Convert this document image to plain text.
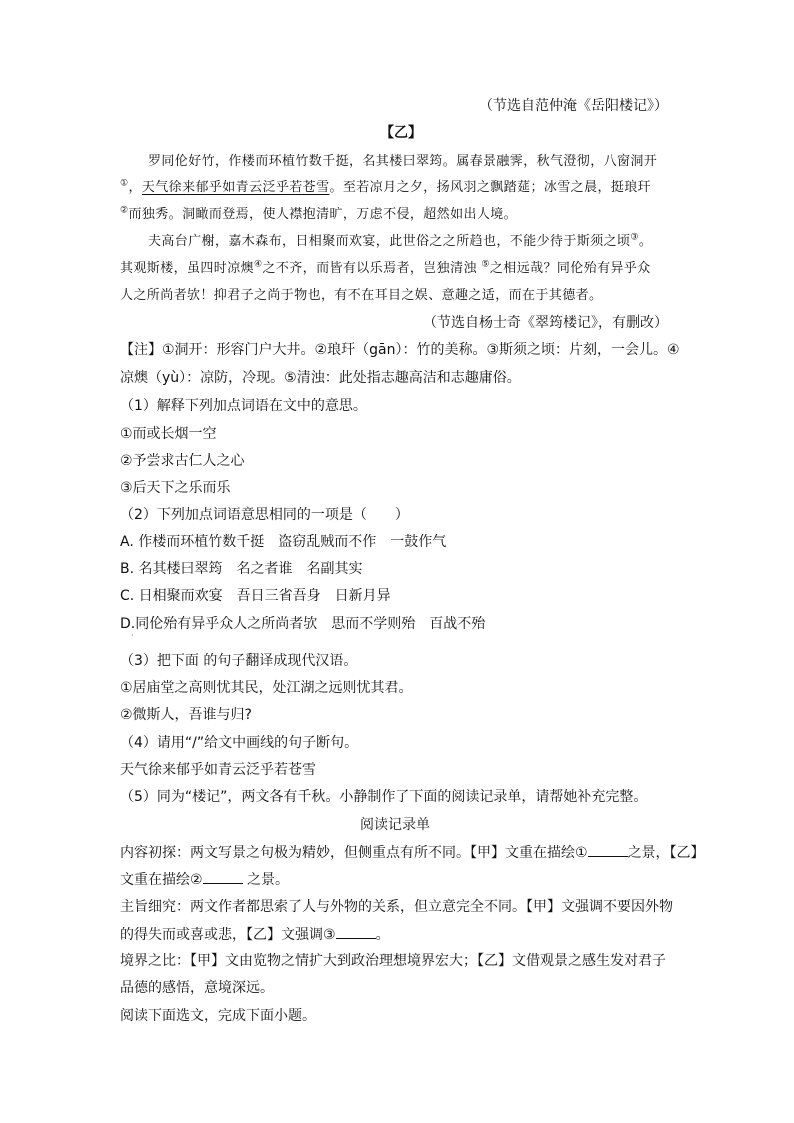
（节选自范仲淹《岳阳楼记》）
【乙】
罗同伦好竹，作楼而环植竹数千挺，名其楼曰翠筠。属春景融霁，秋气澄彻，八窗洞开
①，天气徐来郁乎如青云泛乎若苍雪。至若凉月之夕，扬风羽之飘踏莚；冰雪之晨，挺琅玕
②而独秀。洞瞰而登焉，使人襟抱清旷，万虑不侵，超然如出人境。
夫高台广榭，嘉木森布，日相聚而欢宴，此世俗之之所趋也，不能少待于斯须之顷③。
其观斯楼，虽四时凉燠④之不齐，而皆有以乐焉者，岂独清浊 ⑤之相远哉？同伦殆有异乎众
人之所尚者欤！抑君子之尚于物也，有不在耳目之娱、意趣之适，而在于其德者。
（节选自杨士奇《翠筠楼记》，有删改）
【注】①洞开：形容门户大井。②琅玕（gān）：竹的美称。③斯须之顷：片刻，一会儿。④
凉燠（yù）：凉防，冷现。⑤清浊：此处指志趣高洁和志趣庸俗。
（1）解释下列加点词语在文中的意思。
①而或长烟一空
②予尝求古仁人之心
③后天下之乐而乐
（2）下列加点词语意思相同的一项是（　　）
A. 作楼而环植竹数千挺　盗窃乱贼而不作　一鼓作气
B. 名其楼曰翠筠　名之者谁　名副其实
C. 日相聚而欢宴　吾日三省吾身　日新月异
D.同伦殆有异乎众人之所尚者欤　思而不学则殆　百战不殆
·
（3）把下面 的句子翻译成现代汉语。
①居庙堂之高则忧其民，处江湖之远则忧其君。
②微斯人，吾谁与归?
（4）请用“/”给文中画线的句子断句。
天气徐来郁乎如青云泛乎若苍雪
（5）同为“楼记”，两文各有千秋。小静制作了下面的阅读记录单，请帮她补充完整。
阅读记录单
内容初探：两文写景之句极为精妙，但侧重点有所不同。【甲】文重在描绘①	之景，【乙】
文重在描绘②	之景。
主旨细究：两文作者都思索了人与外物的关系，但立意完全不同。【甲】文强调不要因外物
的得失而或喜或悲，【乙】文强调③	。
境界之比：【甲】文由览物之情扩大到政治理想境界宏大；【乙】文借观景之感生发对君子
品德的感悟，意境深远。
阅读下面选文，完成下面小题。
